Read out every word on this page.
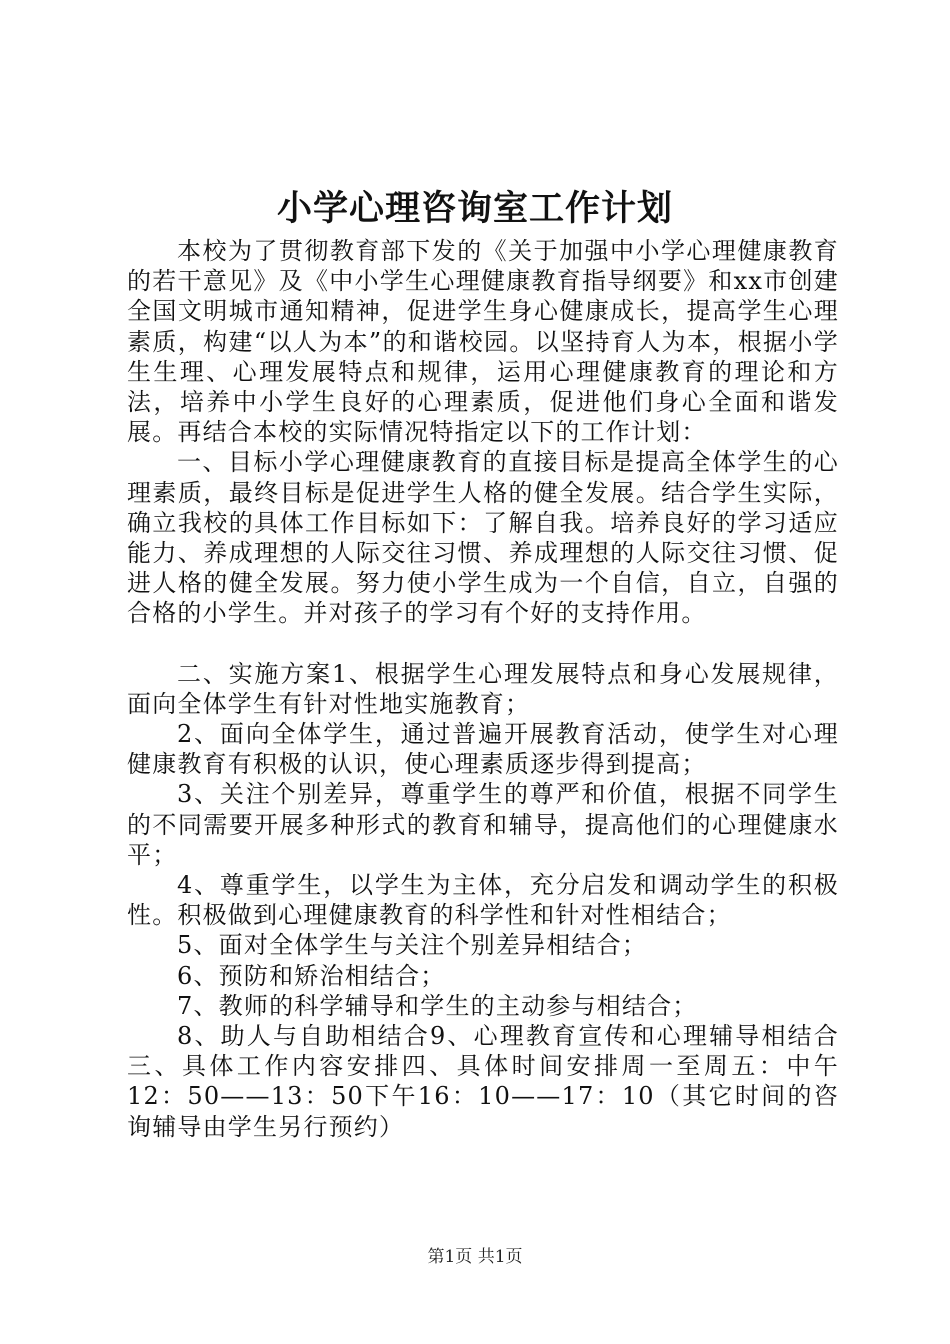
小学心理咨询室工作计划

本校为了贯彻教育部下发的《关于加强中小学心理健康教育的若干意见》及《中小学生心理健康教育指导纲要》和xx市创建全国文明城市通知精神，促进学生身心健康成长，提高学生心理素质，构建“以人为本”的和谐校园。以坚持育人为本，根据小学生生理、心理发展特点和规律，运用心理健康教育的理论和方法，培养中小学生良好的心理素质，促进他们身心全面和谐发展。再结合本校的实际情况特指定以下的工作计划：

一、目标小学心理健康教育的直接目标是提高全体学生的心理素质，最终目标是促进学生人格的健全发展。结合学生实际，确立我校的具体工作目标如下：了解自我。培养良好的学习适应能力、养成理想的人际交往习惯、养成理想的人际交往习惯、促进人格的健全发展。努力使小学生成为一个自信，自立，自强的合格的小学生。并对孩子的学习有个好的支持作用。

二、实施方案1、根据学生心理发展特点和身心发展规律，面向全体学生有针对性地实施教育；

2、面向全体学生，通过普遍开展教育活动，使学生对心理健康教育有积极的认识，使心理素质逐步得到提高；

3、关注个别差异，尊重学生的尊严和价值，根据不同学生的不同需要开展多种形式的教育和辅导，提高他们的心理健康水平；

4、尊重学生，以学生为主体，充分启发和调动学生的积极性。积极做到心理健康教育的科学性和针对性相结合；

5、面对全体学生与关注个别差异相结合；

6、预防和矫治相结合；

7、教师的科学辅导和学生的主动参与相结合；

8、助人与自助相结合9、心理教育宣传和心理辅导相结合三、具体工作内容安排四、具体时间安排周一至周五：中午12：50——13：50下午16：10——17：10（其它时间的咨询辅导由学生另行预约）

第1页 共1页
